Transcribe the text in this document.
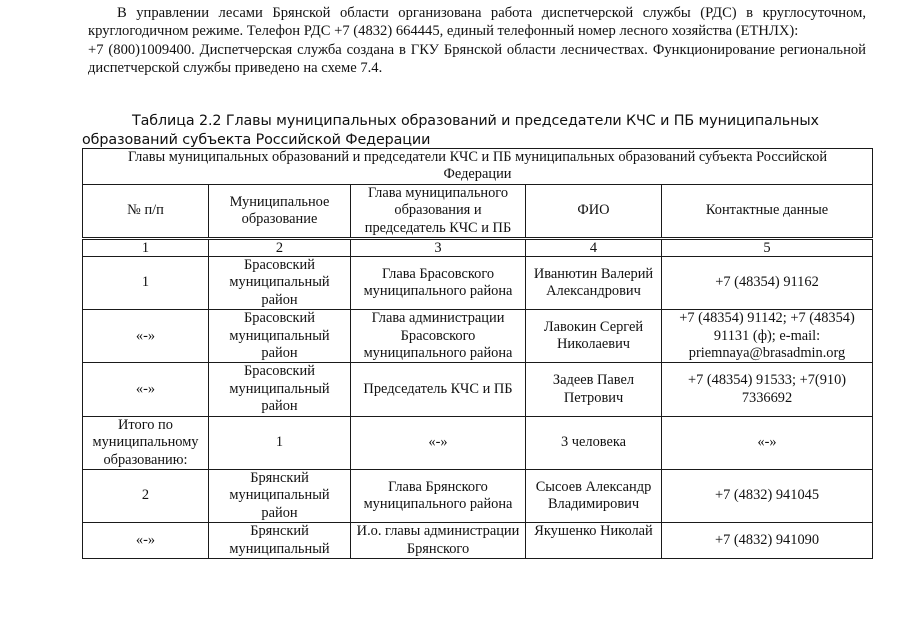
В управлении лесами Брянской области организована работа диспетчерской службы (РДС) в круглосуточном, круглогодичном режиме. Телефон РДС +7 (4832) 664445, единый телефонный номер лесного хозяйства (ЕТНЛХ):

+7 (800)1009400. Диспетчерская служба создана в ГКУ Брянской области лесничествах. Функционирование региональной диспетчерской службы приведено на схеме 7.4.

Таблица 2.2 Главы муниципальных образований и председатели КЧС и ПБ муниципальных образований субъекта Российской Федерации

Главы муниципальных образований и председатели КЧС и ПБ муниципальных образований субъекта Российской Федерации				
№ п/п	Муниципальное образование	Глава муниципального образования и председатель КЧС и ПБ	ФИО	Контактные данные
1	2	3	4	5
1	Брасовский муниципальный район	Глава Брасовского муниципального района	Иванютин Валерий Александрович	+7 (48354) 91162
«-»	Брасовский муниципальный район	Глава администрации Брасовского муниципального района	Лавокин Сергей Николаевич	+7 (48354) 91142; +7 (48354) 91131 (ф); e-mail: priemnaya@brasadmin.org
«-»	Брасовский муниципальный район	Председатель КЧС и ПБ	Задеев Павел Петрович	+7 (48354) 91533; +7(910) 7336692
Итого по муниципальному образованию:	1	«-»	3 человека	«-»
2	Брянский муниципальный район	Глава Брянского муниципального района	Сысоев Александр Владимирович	+7 (4832) 941045
«-»	Брянский муниципальный	И.о. главы администрации Брянского	Якушенко Николай	+7 (4832) 941090
